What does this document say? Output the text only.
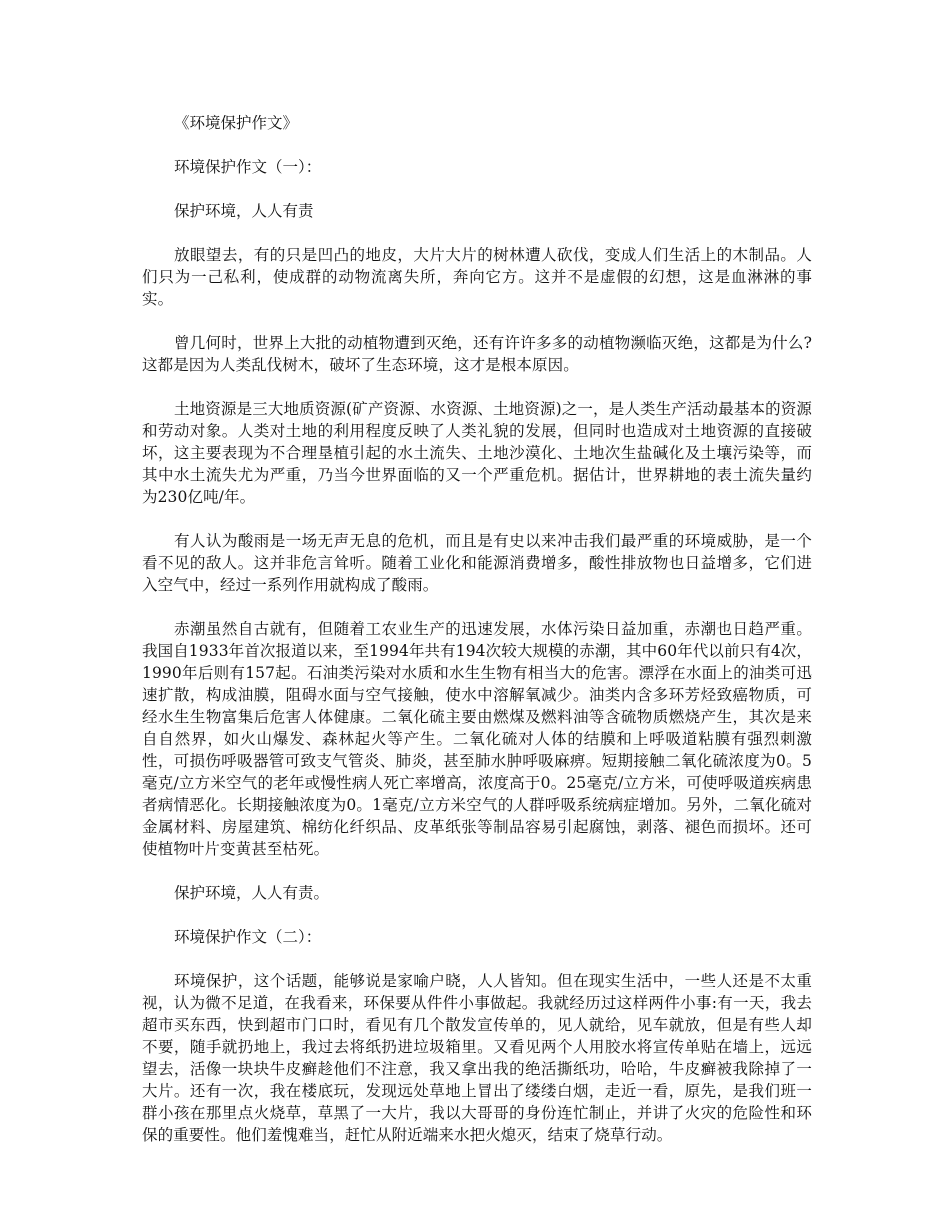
《环境保护作文》

环境保护作文（一）：

保护环境，人人有责

放眼望去，有的只是凹凸的地皮，大片大片的树林遭人砍伐，变成人们生活上的木制品。人们只为一己私利，使成群的动物流离失所，奔向它方。这并不是虚假的幻想，这是血淋淋的事实。

曾几何时，世界上大批的动植物遭到灭绝，还有许许多多的动植物濒临灭绝，这都是为什么?这都是因为人类乱伐树木，破坏了生态环境，这才是根本原因。

土地资源是三大地质资源(矿产资源、水资源、土地资源)之一，是人类生产活动最基本的资源和劳动对象。人类对土地的利用程度反映了人类礼貌的发展，但同时也造成对土地资源的直接破坏，这主要表现为不合理垦植引起的水土流失、土地沙漠化、土地次生盐碱化及土壤污染等，而其中水土流失尤为严重，乃当今世界面临的又一个严重危机。据估计，世界耕地的表土流失量约为230亿吨/年。

有人认为酸雨是一场无声无息的危机，而且是有史以来冲击我们最严重的环境威胁，是一个看不见的敌人。这并非危言耸听。随着工业化和能源消费增多，酸性排放物也日益增多，它们进入空气中，经过一系列作用就构成了酸雨。

赤潮虽然自古就有，但随着工农业生产的迅速发展，水体污染日益加重，赤潮也日趋严重。我国自1933年首次报道以来，至1994年共有194次较大规模的赤潮，其中60年代以前只有4次，1990年后则有157起。石油类污染对水质和水生生物有相当大的危害。漂浮在水面上的油类可迅速扩散，构成油膜，阻碍水面与空气接触，使水中溶解氧减少。油类内含多环芳烃致癌物质，可经水生生物富集后危害人体健康。二氧化硫主要由燃煤及燃料油等含硫物质燃烧产生，其次是来自自然界，如火山爆发、森林起火等产生。二氧化硫对人体的结膜和上呼吸道粘膜有强烈刺激性，可损伤呼吸器管可致支气管炎、肺炎，甚至肺水肿呼吸麻痹。短期接触二氧化硫浓度为0。5毫克/立方米空气的老年或慢性病人死亡率增高，浓度高于0。25毫克/立方米，可使呼吸道疾病患者病情恶化。长期接触浓度为0。1毫克/立方米空气的人群呼吸系统病症增加。另外，二氧化硫对金属材料、房屋建筑、棉纺化纤织品、皮革纸张等制品容易引起腐蚀，剥落、褪色而损坏。还可使植物叶片变黄甚至枯死。

保护环境，人人有责。

环境保护作文（二）：

环境保护，这个话题，能够说是家喻户晓，人人皆知。但在现实生活中，一些人还是不太重视，认为微不足道，在我看来，环保要从件件小事做起。我就经历过这样两件小事:有一天，我去超市买东西，快到超市门口时，看见有几个散发宣传单的，见人就给，见车就放，但是有些人却不要，随手就扔地上，我过去将纸扔进垃圾箱里。又看见两个人用胶水将宣传单贴在墙上，远远望去，活像一块块牛皮癣趁他们不注意，我又拿出我的绝活撕纸功，哈哈，牛皮癣被我除掉了一大片。还有一次，我在楼底玩，发现远处草地上冒出了缕缕白烟，走近一看，原先，是我们班一群小孩在那里点火烧草，草黑了一大片，我以大哥哥的身份连忙制止，并讲了火灾的危险性和环保的重要性。他们羞愧难当，赶忙从附近端来水把火熄灭，结束了烧草行动。
